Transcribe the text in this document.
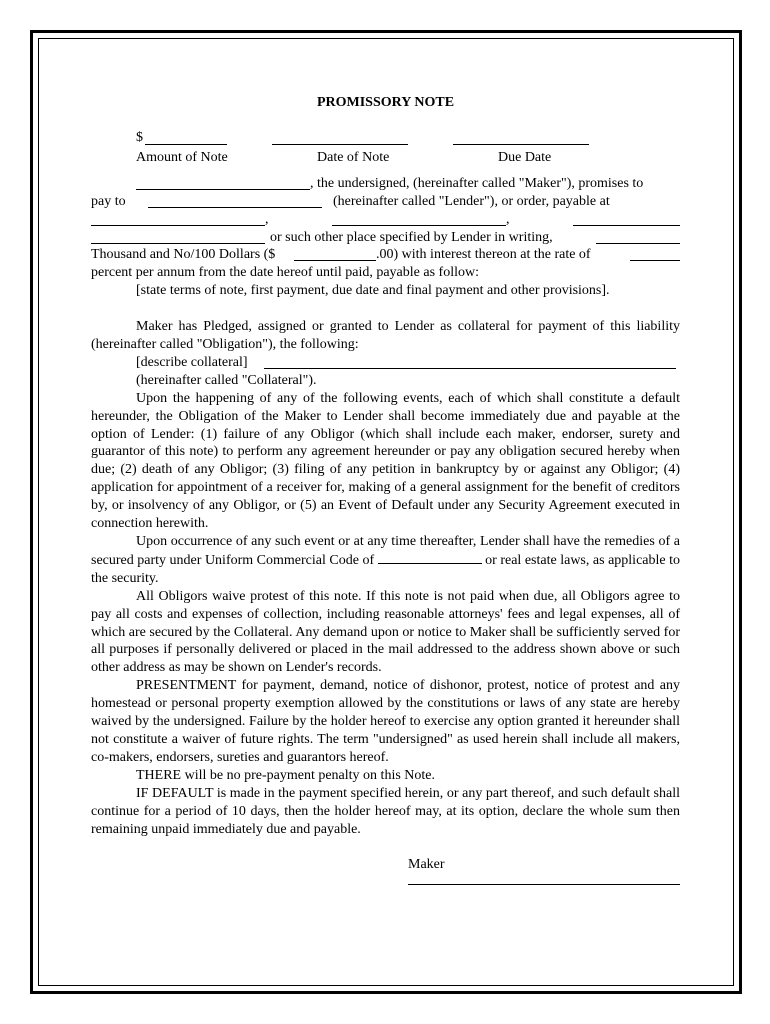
PROMISSORY NOTE
$
Amount of Note	Date of Note	Due Date
, the undersigned, (hereinafter called "Maker"), promises to
pay to	(hereinafter called "Lender"), or order, payable at
,	,
or such other place specified by Lender in writing,
Thousand and No/100 Dollars ($	.00) with interest thereon at the rate of
percent per annum from the date hereof until paid, payable as follow:
[state terms of note, first payment, due date and final payment and other provisions].

Maker has Pledged, assigned or granted to Lender as collateral for payment of this liability (hereinafter called "Obligation"), the following:

[describe collateral]

(hereinafter called "Collateral").

Upon the happening of any of the following events, each of which shall constitute a default hereunder, the Obligation of the Maker to Lender shall become immediately due and payable at the option of Lender: (1) failure of any Obligor (which shall include each maker, endorser, surety and guarantor of this note) to perform any agreement hereunder or pay any obligation secured hereby when due; (2) death of any Obligor; (3) filing of any petition in bankruptcy by or against any Obligor; (4) application for appointment of a receiver for, making of a general assignment for the benefit of creditors by, or insolvency of any Obligor, or (5) an Event of Default under any Security Agreement executed in connection herewith.

Upon occurrence of any such event or at any time thereafter, Lender shall have the remedies of a secured party under Uniform Commercial Code of	or real estate laws, as applicable to the security.

All Obligors waive protest of this note. If this note is not paid when due, all Obligors agree to pay all costs and expenses of collection, including reasonable attorneys' fees and legal expenses, all of which are secured by the Collateral. Any demand upon or notice to Maker shall be sufficiently served for all purposes if personally delivered or placed in the mail addressed to the address shown above or such other address as may be shown on Lender's records.

PRESENTMENT for payment, demand, notice of dishonor, protest, notice of protest and any homestead or personal property exemption allowed by the constitutions or laws of any state are hereby waived by the undersigned. Failure by the holder hereof to exercise any option granted it hereunder shall not constitute a waiver of future rights. The term "undersigned" as used herein shall include all makers, co-makers, endorsers, sureties and guarantors hereof.

THERE will be no pre-payment penalty on this Note.

IF DEFAULT is made in the payment specified herein, or any part thereof, and such default shall continue for a period of 10 days, then the holder hereof may, at its option, declare the whole sum then remaining unpaid immediately due and payable.

Maker
